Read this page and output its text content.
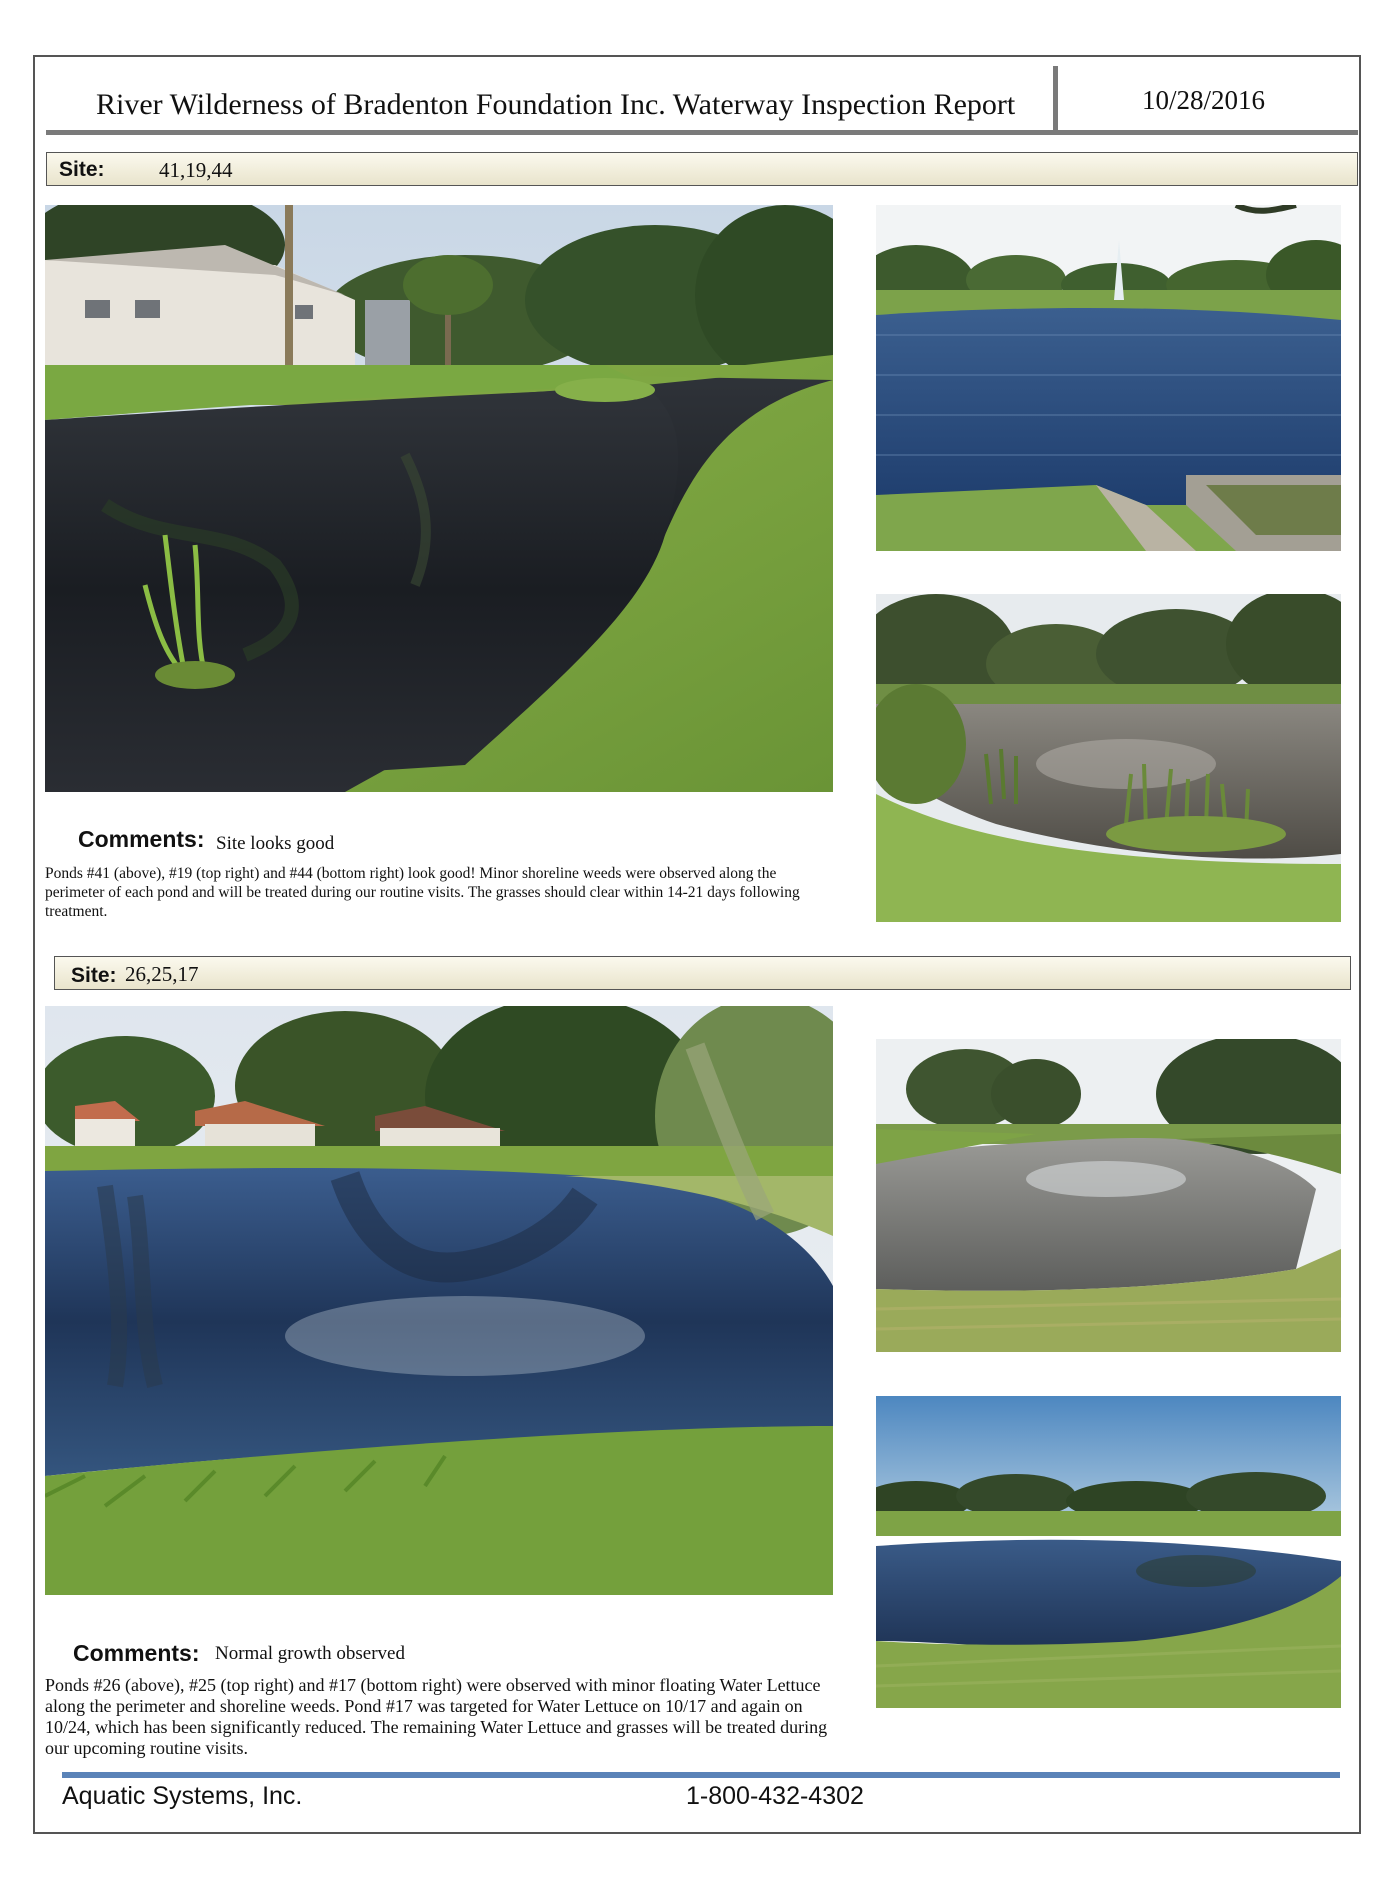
River Wilderness of Bradenton Foundation Inc. Waterway Inspection Report	10/28/2016
Site:	41,19,44
Comments: Site looks good
Ponds #41 (above), #19 (top right) and #44 (bottom right) look good! Minor shoreline weeds were observed along the perimeter of each pond and will be treated during our routine visits. The grasses should clear within 14-21 days following treatment.
Site: 26,25,17
Comments: Normal growth observed
Ponds #26 (above), #25 (top right) and #17 (bottom right) were observed with minor floating Water Lettuce along the perimeter and shoreline weeds. Pond #17 was targeted for Water Lettuce on 10/17 and again on 10/24, which has been significantly reduced. The remaining Water Lettuce and grasses will be treated during our upcoming routine visits.
Aquatic Systems, Inc.	1-800-432-4302
